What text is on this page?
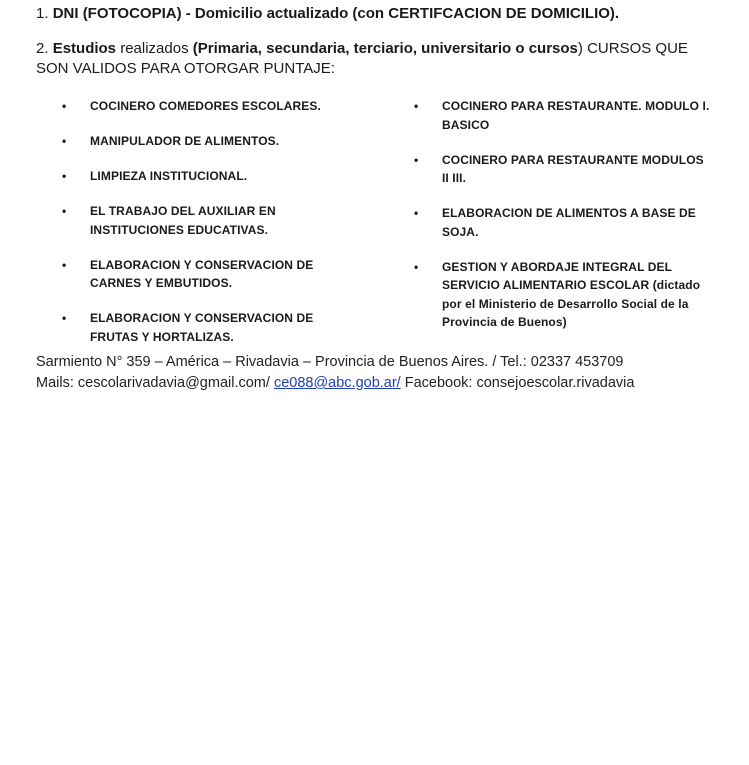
1. DNI (FOTOCOPIA) - Domicilio actualizado (con CERTIFCACION DE DOMICILIO).
2. Estudios realizados (Primaria, secundaria, terciario, universitario o cursos) CURSOS QUE SON VALIDOS PARA OTORGAR PUNTAJE:
• COCINERO COMEDORES ESCOLARES.
• MANIPULADOR DE ALIMENTOS.
• LIMPIEZA INSTITUCIONAL.
• EL TRABAJO DEL AUXILIAR EN INSTITUCIONES EDUCATIVAS.
• ELABORACION Y CONSERVACION DE CARNES Y EMBUTIDOS.
• ELABORACION Y CONSERVACION DE FRUTAS Y HORTALIZAS.
• COCINERO PARA RESTAURANTE. MODULO I. BASICO
• COCINERO PARA RESTAURANTE MODULOS II III.
• ELABORACION DE ALIMENTOS A BASE DE SOJA.
• GESTION Y ABORDAJE INTEGRAL DEL SERVICIO ALIMENTARIO ESCOLAR (dictado por el Ministerio de Desarrollo Social de la Provincia de Buenos)
Sarmiento N° 359 – América – Rivadavia – Provincia de Buenos Aires. / Tel.: 02337 453709
Mails: cescolarivadavia@gmail.com/ ce088@abc.gob.ar/ Facebook: consejoescolar.rivadavia
